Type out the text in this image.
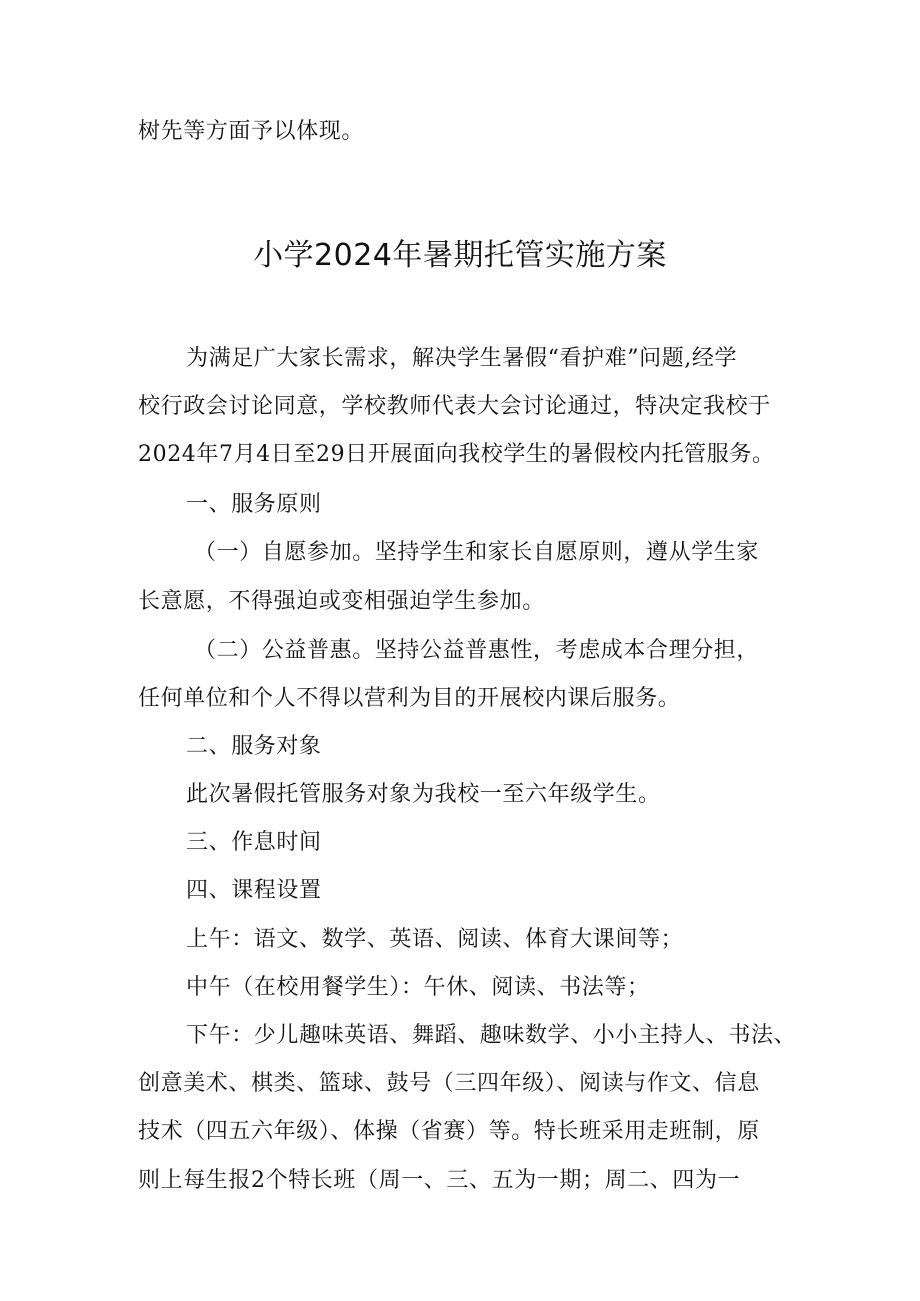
树先等方面予以体现。
小学2024年暑期托管实施方案
为满足广大家长需求，解决学生暑假“看护难”问题,经学
校行政会讨论同意，学校教师代表大会讨论通过，特决定我校于
2024年7月4日至29日开展面向我校学生的暑假校内托管服务。
一、服务原则
（一）自愿参加。坚持学生和家长自愿原则，遵从学生家
长意愿，不得强迫或变相强迫学生参加。
（二）公益普惠。坚持公益普惠性，考虑成本合理分担，
任何单位和个人不得以营利为目的开展校内课后服务。
二、服务对象
此次暑假托管服务对象为我校一至六年级学生。
三、作息时间
四、课程设置
上午：语文、数学、英语、阅读、体育大课间等；
中午（在校用餐学生）：午休、阅读、书法等；
下午：少儿趣味英语、舞蹈、趣味数学、小小主持人、书法、
创意美术、棋类、篮球、鼓号（三四年级）、阅读与作文、信息
技术（四五六年级）、体操（省赛）等。特长班采用走班制，原
则上每生报2个特长班（周一、三、五为一期；周二、四为一
